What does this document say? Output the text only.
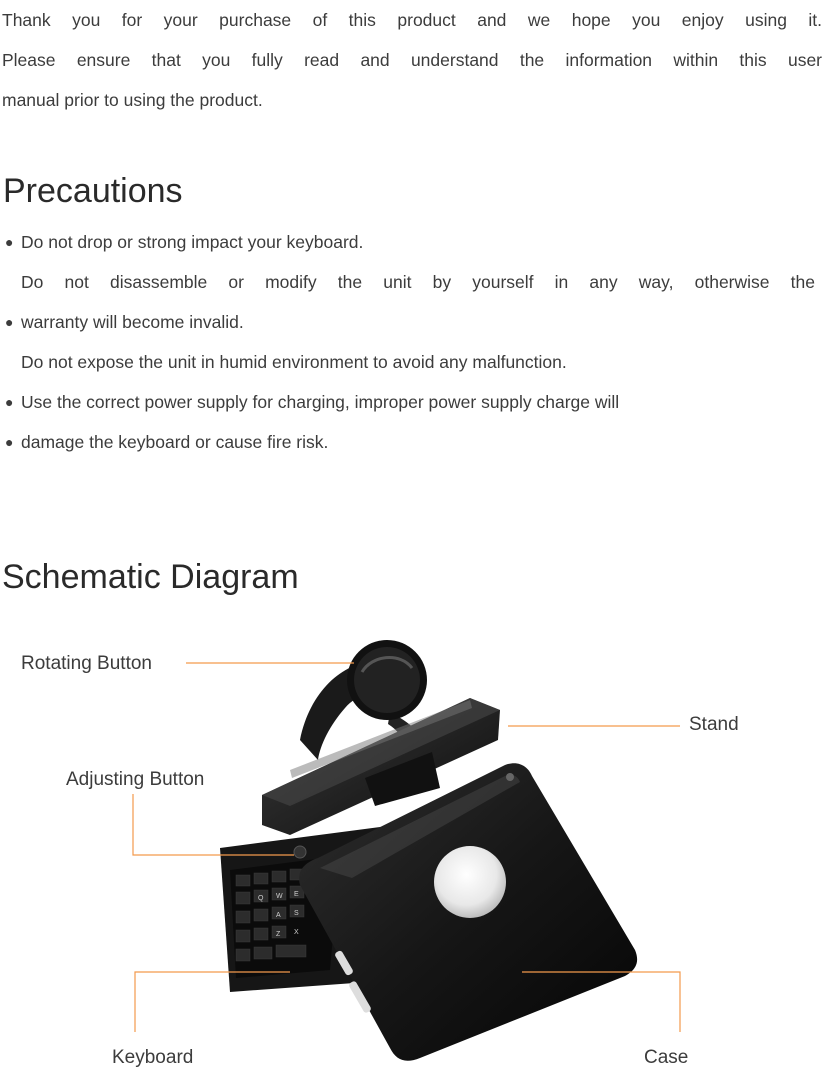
Thank you for your purchase of this product and we hope you enjoy using it.
Please ensure that you fully read and understand the information within this user
manual prior to using the product.
Precautions
● Do not drop or strong impact your keyboard.
Do not disassemble or modify the unit by yourself in any way, otherwise the
● warranty will become invalid.
Do not expose the unit in humid environment to avoid any malfunction.
● Use the correct power supply for charging, improper power supply charge will
● damage the keyboard or cause fire risk.
Schematic Diagram
Q W E
A S
Z X
Rotating Button
Stand
Adjusting Button
Keyboard	Case
